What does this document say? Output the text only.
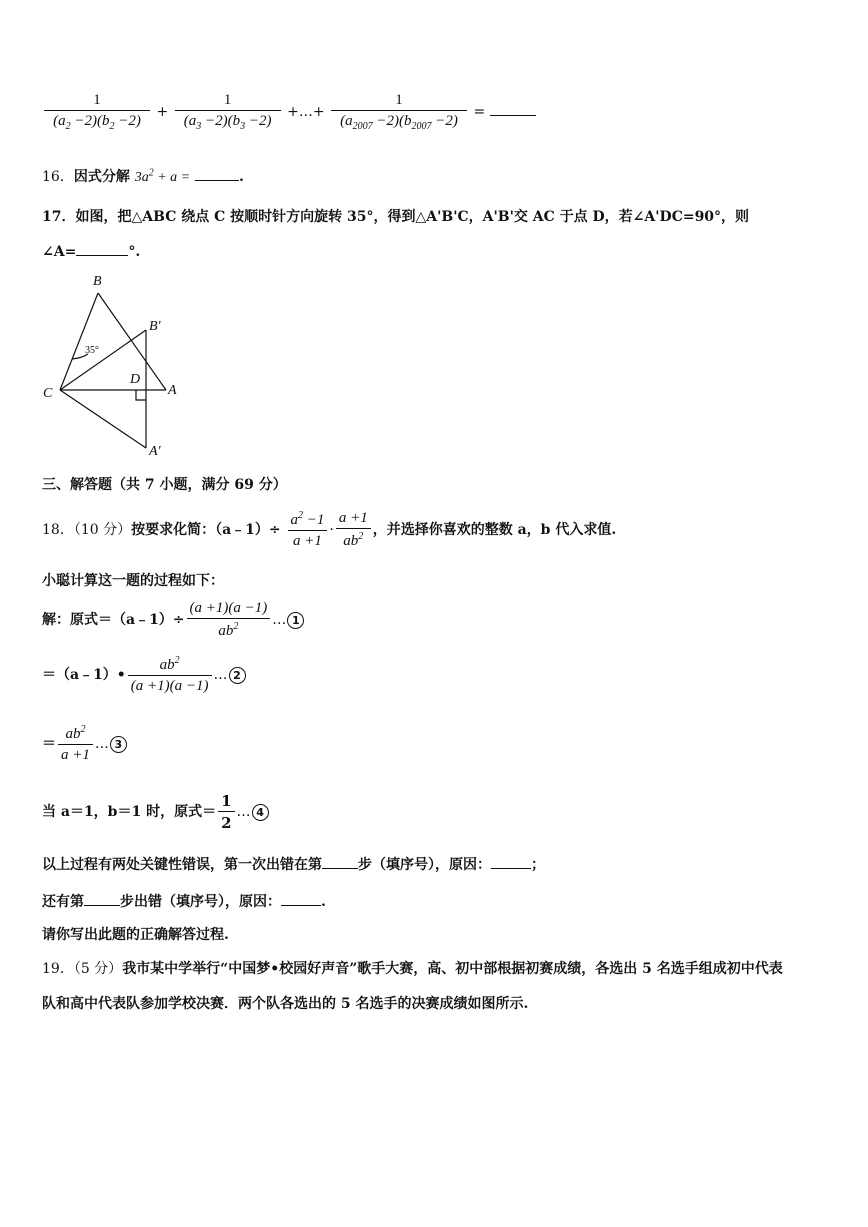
$\frac{1}{(a_2 -2)(b_2 -2)} + \frac{1}{(a_3 -2)(b_3 -2)}$ +…+ $\frac{1}{(a_{2007} -2)(b_{2007} -2)}$ =
16．因式分解 $3a^2 + a$ =	.
17．如图，把△ABC 绕点 C 按顺时针方向旋转 35°，得到△A'B'C，A'B'交 AC 于点 D，若∠A'DC=90°，则
∠A=	°.
B
B′
C
D
A
A′
35°
三、解答题（共 7 小题，满分 69 分）
18．（10 分）按要求化简：（a﹣1）÷ $\frac{a^2 -1}{a +1} \cdot \frac{a +1}{ab^2}$ ，并选择你喜欢的整数 a，b 代入求值.
小聪计算这一题的过程如下：
解：原式＝（a﹣1）÷ $\frac{(a +1)(a -1)}{ab^2}$ … 1
＝（a﹣1）• $\frac{ab^2}{(a +1)(a -1)}$ … 2
＝ $\frac{ab^2}{a +1}$ … 3
当 a＝1，b＝1 时，原式＝ $\frac{1}{2}$ … 4
以上过程有两处关键性错误，第一次出错在第	步（填序号），原因：	；
还有第	步出错（填序号），原因：	.
请你写出此题的正确解答过程.
19．（5 分）我市某中学举行“中国梦•校园好声音”歌手大赛，高、初中部根据初赛成绩，各选出 5 名选手组成初中代表
队和高中代表队参加学校决赛．两个队各选出的 5 名选手的决赛成绩如图所示.
